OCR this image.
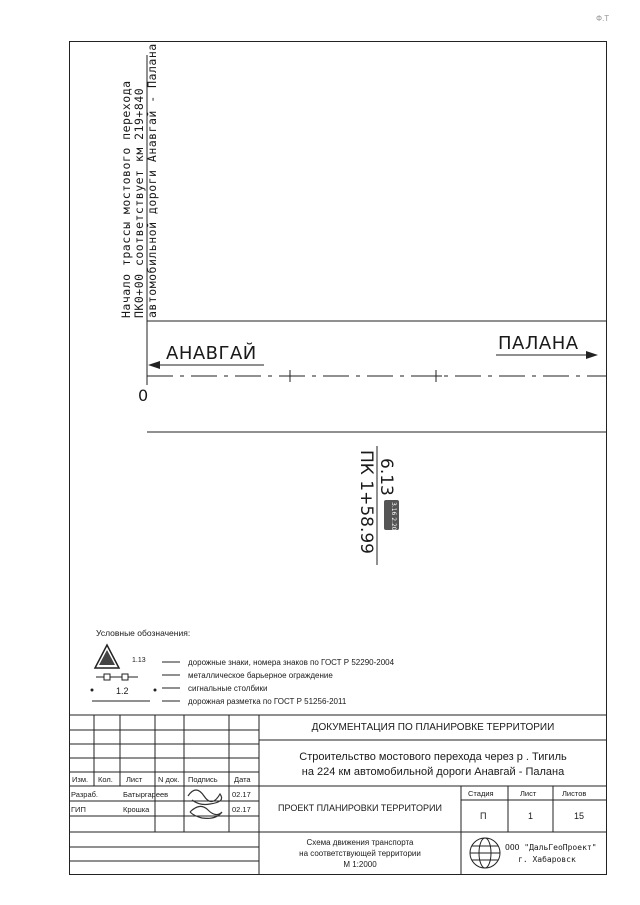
Ф.Т
Начало трассы мостового перехода ПК0+00 соответствует км 219+840 автомобильной дороги Анавгай - Палана
АНАВГАЙ	ПАЛАНА
0
6.13
ПК 1+58.99 3.16 2.20 1.12
Условные обозначения:
1.13
1.2
дорожные знаки, номера знаков по ГОСТ Р 52290-2004
металлическое барьерное ограждение
сигнальные столбики
дорожная разметка по ГОСТ Р 51256-2011
ДОКУМЕНТАЦИЯ ПО ПЛАНИРОВКЕ ТЕРРИТОРИИ
Строительство мостового перехода через р . Тигиль
на 224 км автомобильной дороги Анавгай - Палана
Изм. Кол. Лист N док. Подпись Дата
Разраб.	Батыргареев	02.17
ГИП	Крошка	02.17	ПРОЕКТ ПЛАНИРОВКИ ТЕРРИТОРИИ
Стадия	Лист	Листов
П	1	15
Схема движения транспорта
на соответствующей территории
М 1:2000
ООО "ДальГеоПроект"
г. Хабаровск
